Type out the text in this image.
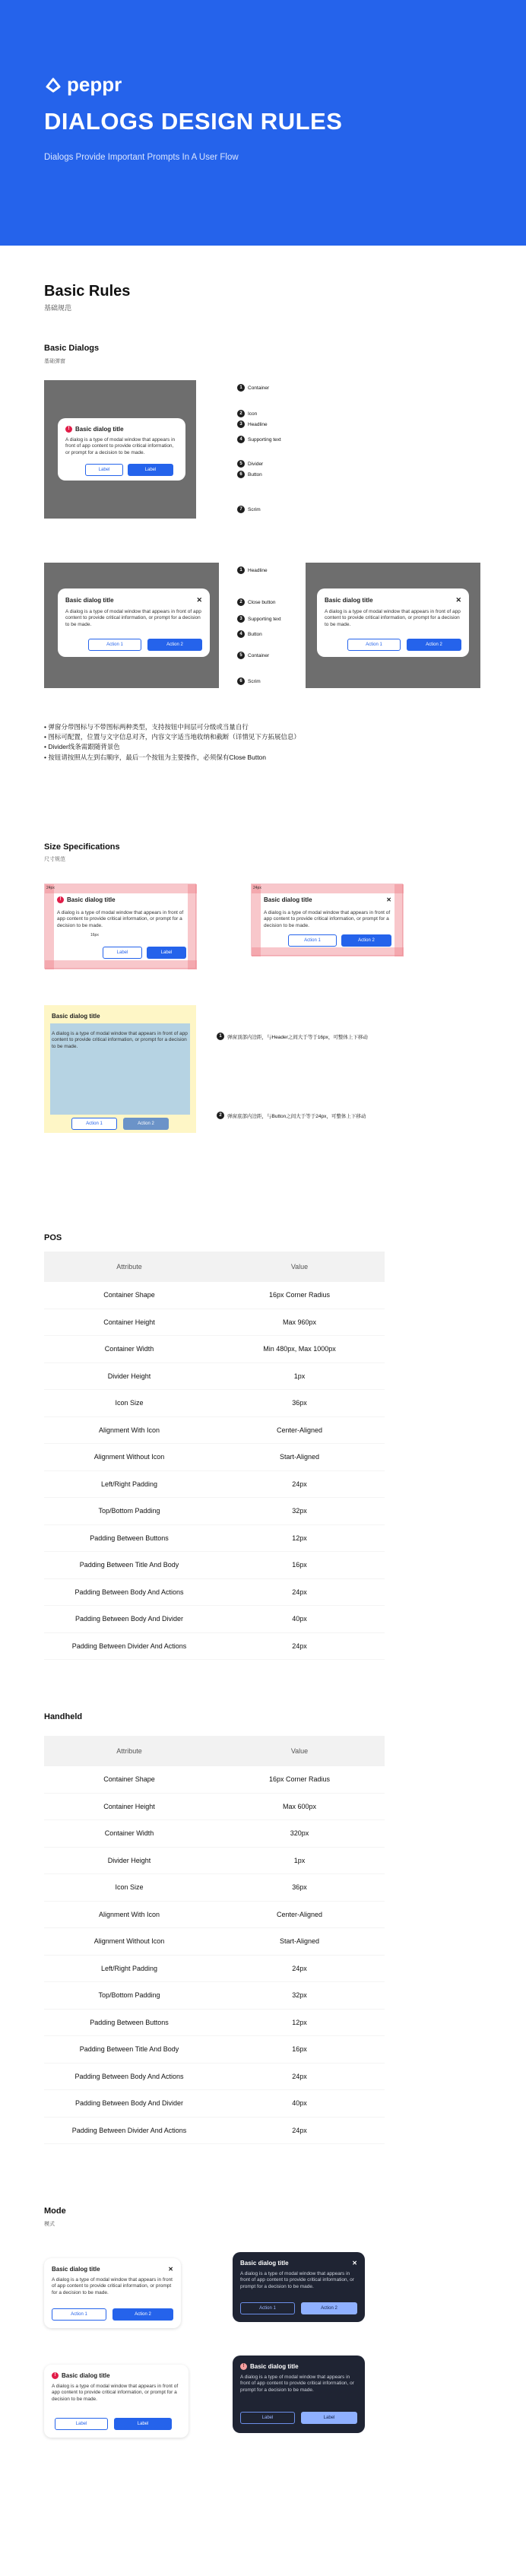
peppr
DIALOGS DESIGN RULES

Dialogs Provide Important Prompts In A User Flow

Basic Rules
基础规范
Basic Dialogs
基础弹窗
! Basic dialog title
A dialog is a type of modal window that appears in front of app content to provide critical information, or prompt for a decision to be made.
Label	Label
1	Container
2	Icon
3	Headline
4	Supporting text
5	Divider
6	Button
7	Scrim
Basic dialog title	✕
A dialog is a type of modal window that appears in front of app content to provide critical information, or prompt for a decision to be made.
Action 1	Action 2
1	Headline
2	Close button
3	Supporting text
4	Button
5	Container
6	Scrim
Basic dialog title	✕
A dialog is a type of modal window that appears in front of app content to provide critical information, or prompt for a decision to be made.
Action 1	Action 2
• 弹窗分带图标与不带图标两种类型，支持按钮中间层可分级或当量自行
• 图标可配置，位置与文字信息对齐，内容文字适当地收纳和截断（详情见下方拓展信息）
• Divider线条需跟随背景色
• 按钮请按照从左到右顺序，最后一个按钮为主要操作，必须保有Close Button
Size Specifications
尺寸规范
24px
! Basic dialog title
A dialog is a type of modal window that appears in front of app content to provide critical information, or prompt for a decision to be made.
16px
Label	Label
24px
Basic dialog title	✕
A dialog is a type of modal window that appears in front of app content to provide critical information, or prompt for a decision to be made.
Action 1	Action 2
Basic dialog title
A dialog is a type of modal window that appears in front of app content to provide critical information, or prompt for a decision to be made.
Action 1	Action 2
1	弹窗顶部内边距，与Header之间大于等于16px，可整体上下移动
2	弹窗底部内边距，与Button之间大于等于24px，可整体上下移动
POS
Attribute	Value
Container Shape	16px Corner Radius
Container Height	Max 960px
Container Width	Min 480px, Max 1000px
Divider Height	1px
Icon Size	36px
Alignment With Icon	Center-Aligned
Alignment Without Icon	Start-Aligned
Left/Right Padding	24px
Top/Bottom Padding	32px
Padding Between Buttons	12px
Padding Between Title And Body	16px
Padding Between Body And Actions	24px
Padding Between Body And Divider	40px
Padding Between Divider And Actions	24px
Handheld
Attribute	Value
Container Shape	16px Corner Radius
Container Height	Max 600px
Container Width	320px
Divider Height	1px
Icon Size	36px
Alignment With Icon	Center-Aligned
Alignment Without Icon	Start-Aligned
Left/Right Padding	24px
Top/Bottom Padding	32px
Padding Between Buttons	12px
Padding Between Title And Body	16px
Padding Between Body And Actions	24px
Padding Between Body And Divider	40px
Padding Between Divider And Actions	24px
Mode
模式
Basic dialog title	✕
A dialog is a type of modal window that appears in front of app content to provide critical information, or prompt for a decision to be made.
Action 1	Action 2
Basic dialog title	✕
A dialog is a type of modal window that appears in front of app content to provide critical information, or prompt for a decision to be made.
Action 1	Action 2
! Basic dialog title
A dialog is a type of modal window that appears in front of app content to provide critical information, or prompt for a decision to be made.
Label	Label
! Basic dialog title
A dialog is a type of modal window that appears in front of app content to provide critical information, or prompt for a decision to be made.
Label	Label
